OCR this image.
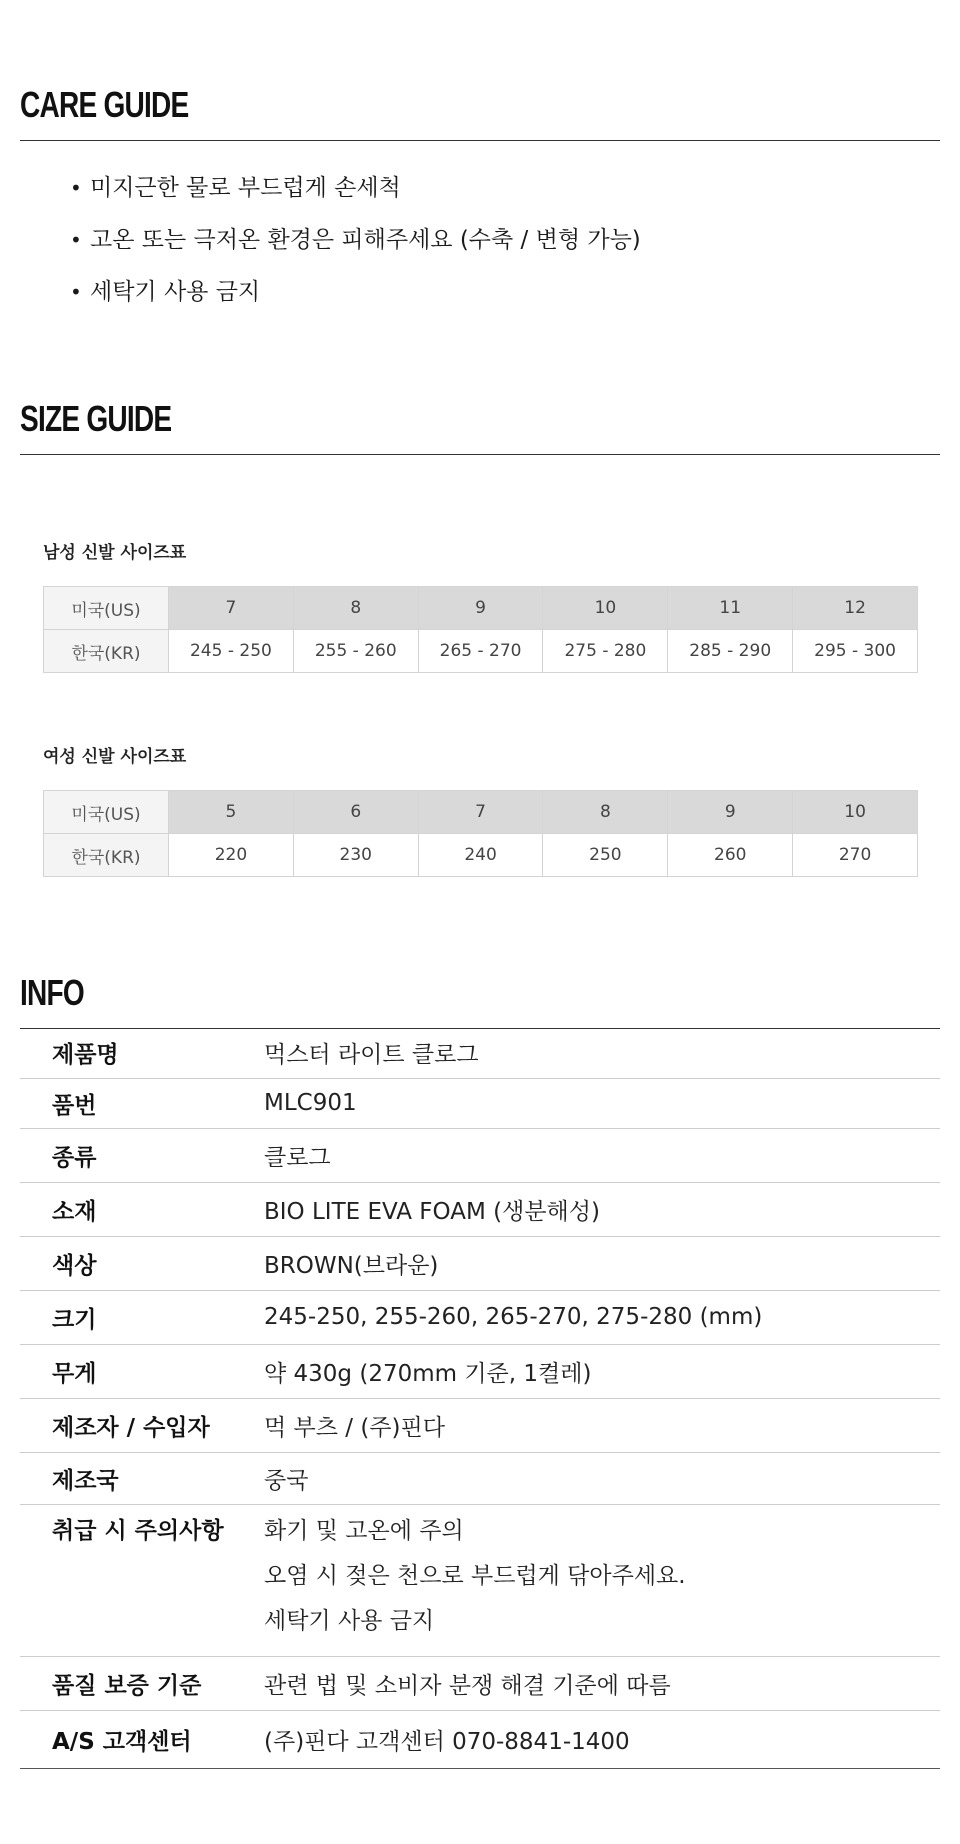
CARE GUIDE
• 미지근한 물로 부드럽게 손세척
• 고온 또는 극저온 환경은 피해주세요 (수축 / 변형 가능)
• 세탁기 사용 금지
SIZE GUIDE
남성 신발 사이즈표
미국(US)	7	8	9	10	11	12
한국(KR)	245 - 250	255 - 260	265 - 270	275 - 280	285 - 290	295 - 300
여성 신발 사이즈표
미국(US)	5	6	7	8	9	10
한국(KR)	220	230	240	250	260	270
INFO
제품명	먹스터 라이트 클로그
품번	MLC901
종류	클로그
소재	BIO LITE EVA FOAM (생분해성)
색상	BROWN(브라운)
크기	245-250, 255-260, 265-270, 275-280 (mm)
무게	약 430g (270mm 기준, 1켤레)
제조자 / 수입자	먹 부츠 / (주)핀다
제조국	중국

취급 시 주의사항	화기 및 고온에 주의
오염 시 젖은 천으로 부드럽게 닦아주세요.
세탁기 사용 금지

품질 보증 기준	관련 법 및 소비자 분쟁 해결 기준에 따름
A/S 고객센터	(주)핀다 고객센터 070-8841-1400
